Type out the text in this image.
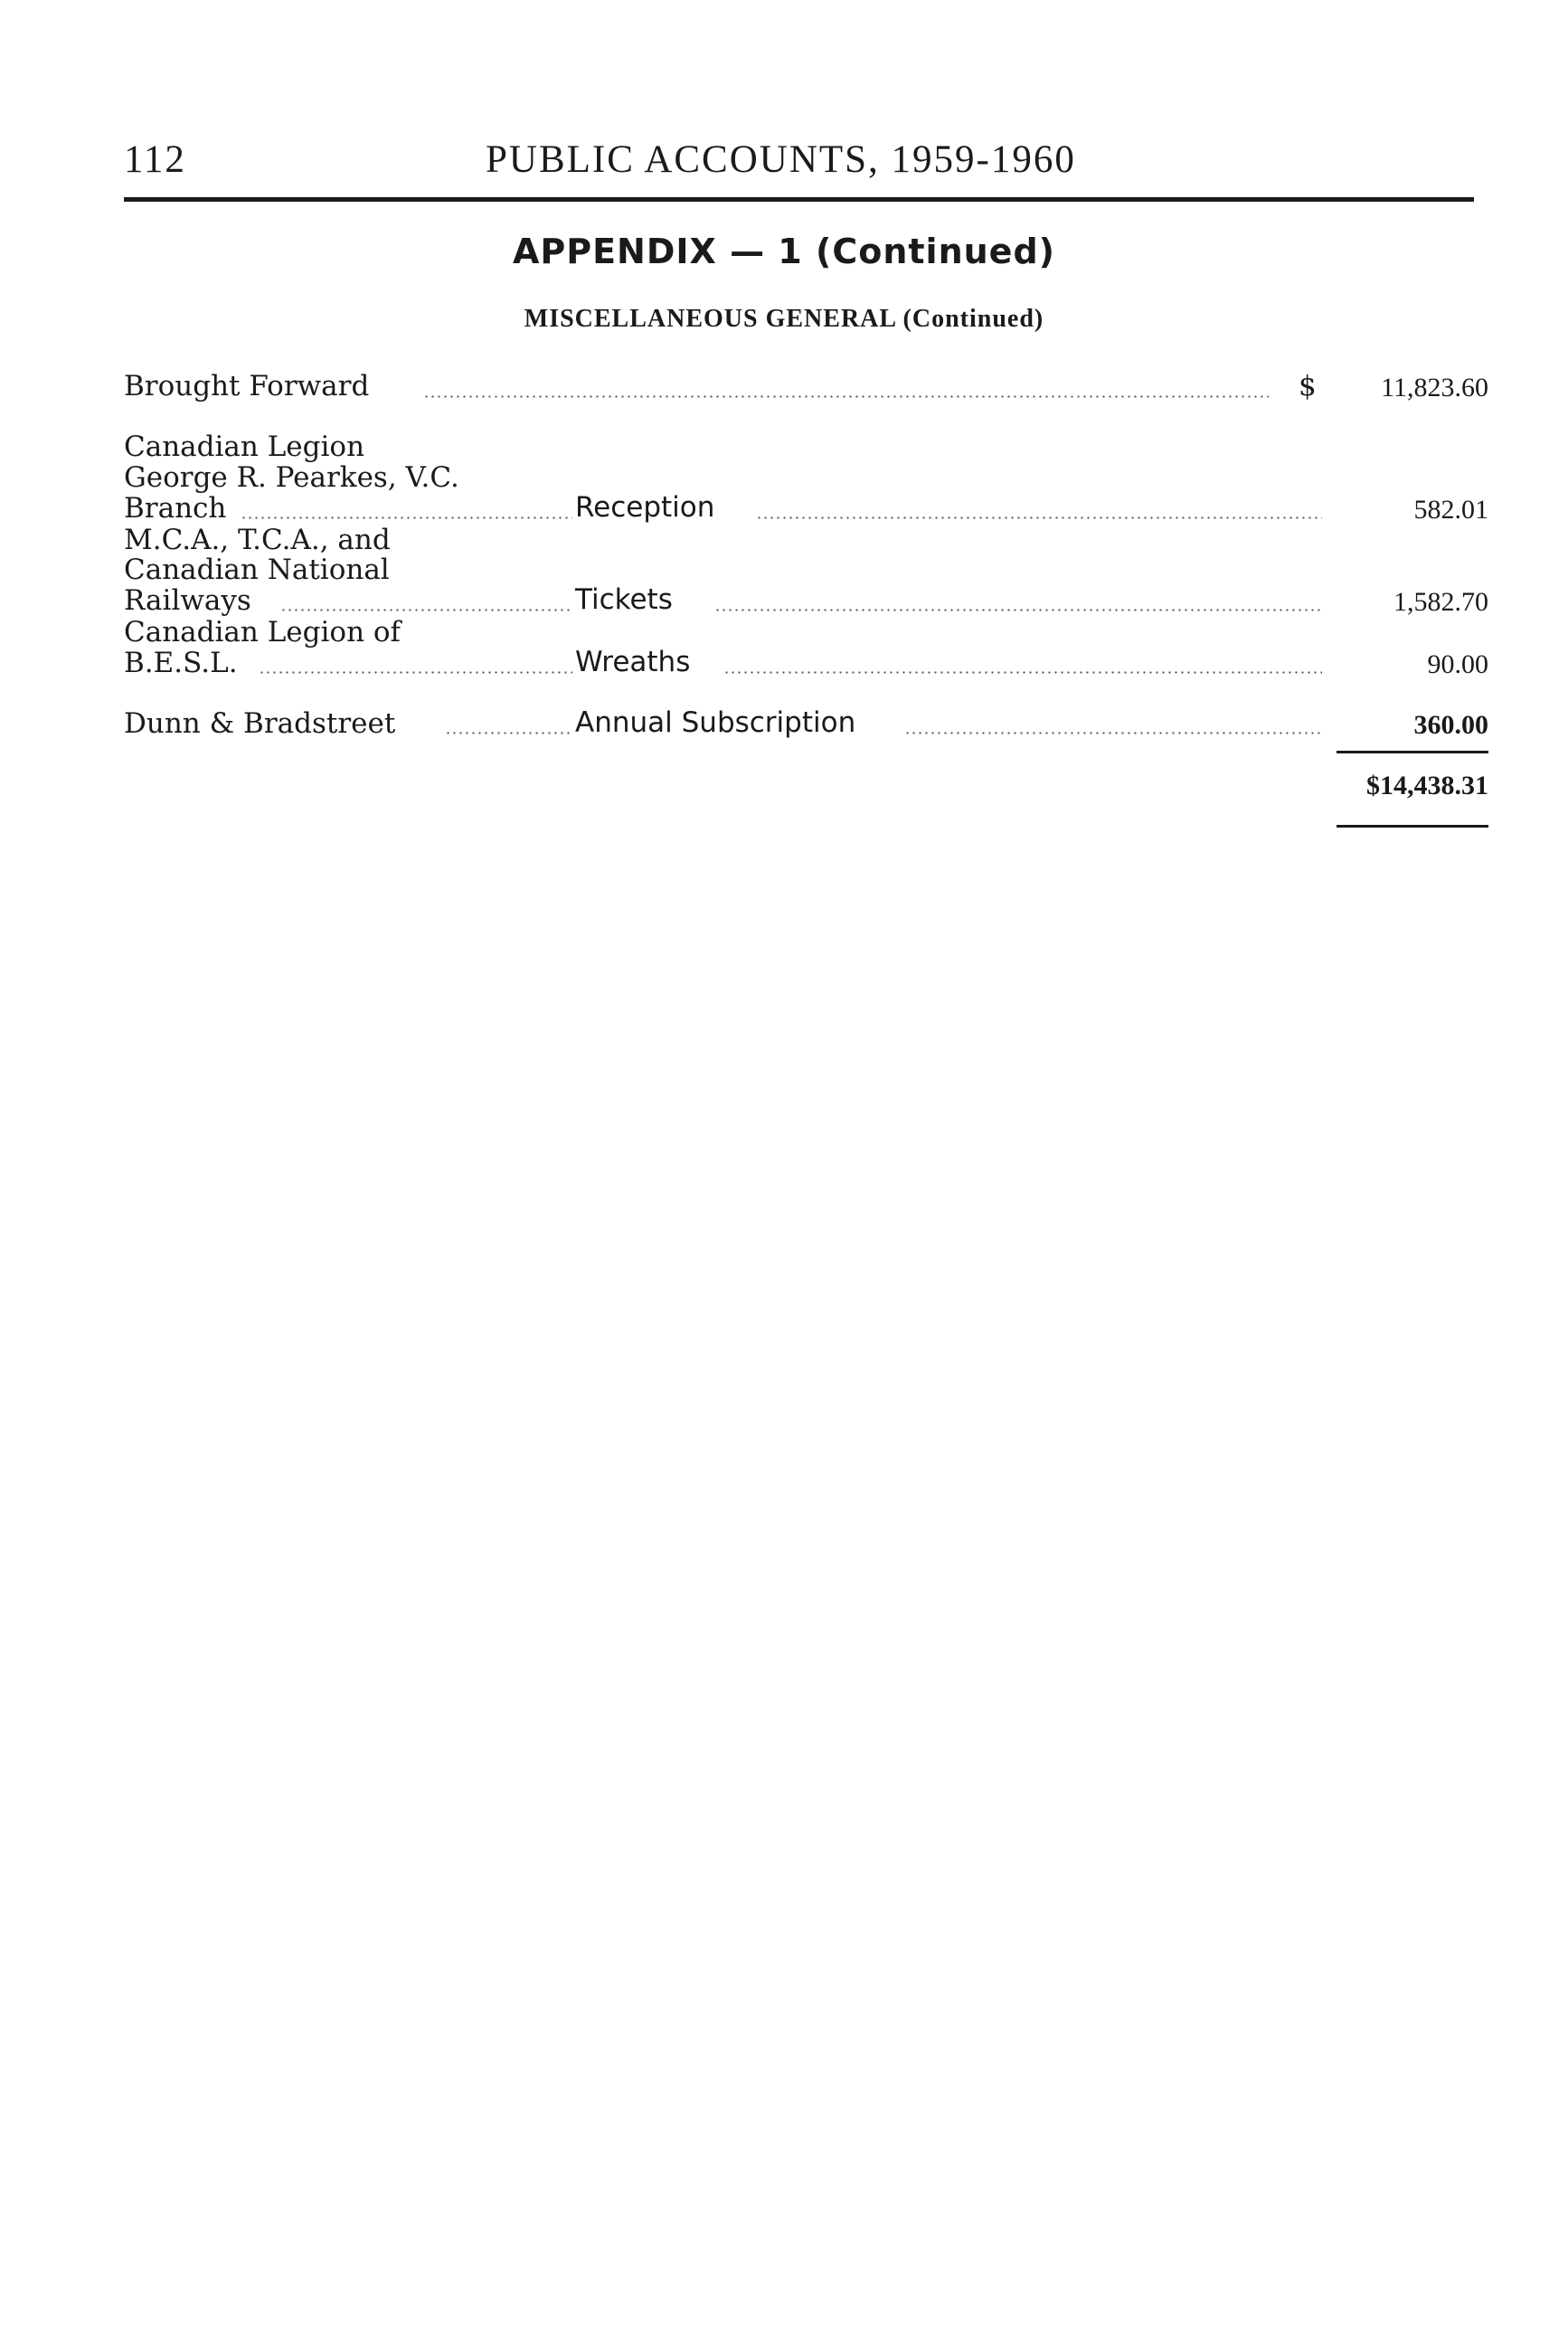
112	PUBLIC ACCOUNTS, 1959-1960
APPENDIX — 1 (Continued)
MISCELLANEOUS GENERAL (Continued)
Brought Forward	$	11,823.60
Canadian Legion
George R. Pearkes, V.C.
Branch	Reception	582.01
M.C.A., T.C.A., and
Canadian National
Railways	Tickets	1,582.70
Canadian Legion of
B.E.S.L.	Wreaths	90.00
Dunn & Bradstreet	Annual Subscription	360.00
$14,438.31
